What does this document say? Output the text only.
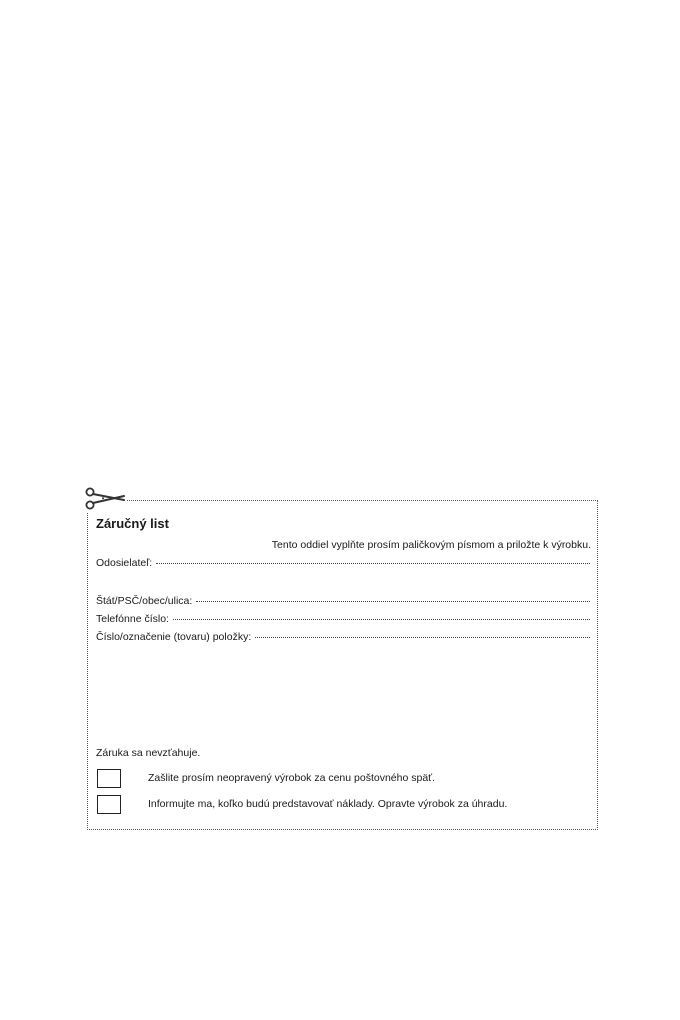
Záručný list

Tento oddiel vyplňte prosím paličkovým písmom a priložte k výrobku.

Odosielateľ:
Štát/PSČ/obec/ulica:
Telefónne číslo:
Číslo/označenie (tovaru) položky:

Záruka sa nevzťahuje.

Zašlite prosím neopravený výrobok za cenu poštovného späť.
Informujte ma, koľko budú predstavovať náklady. Opravte výrobok za úhradu.
